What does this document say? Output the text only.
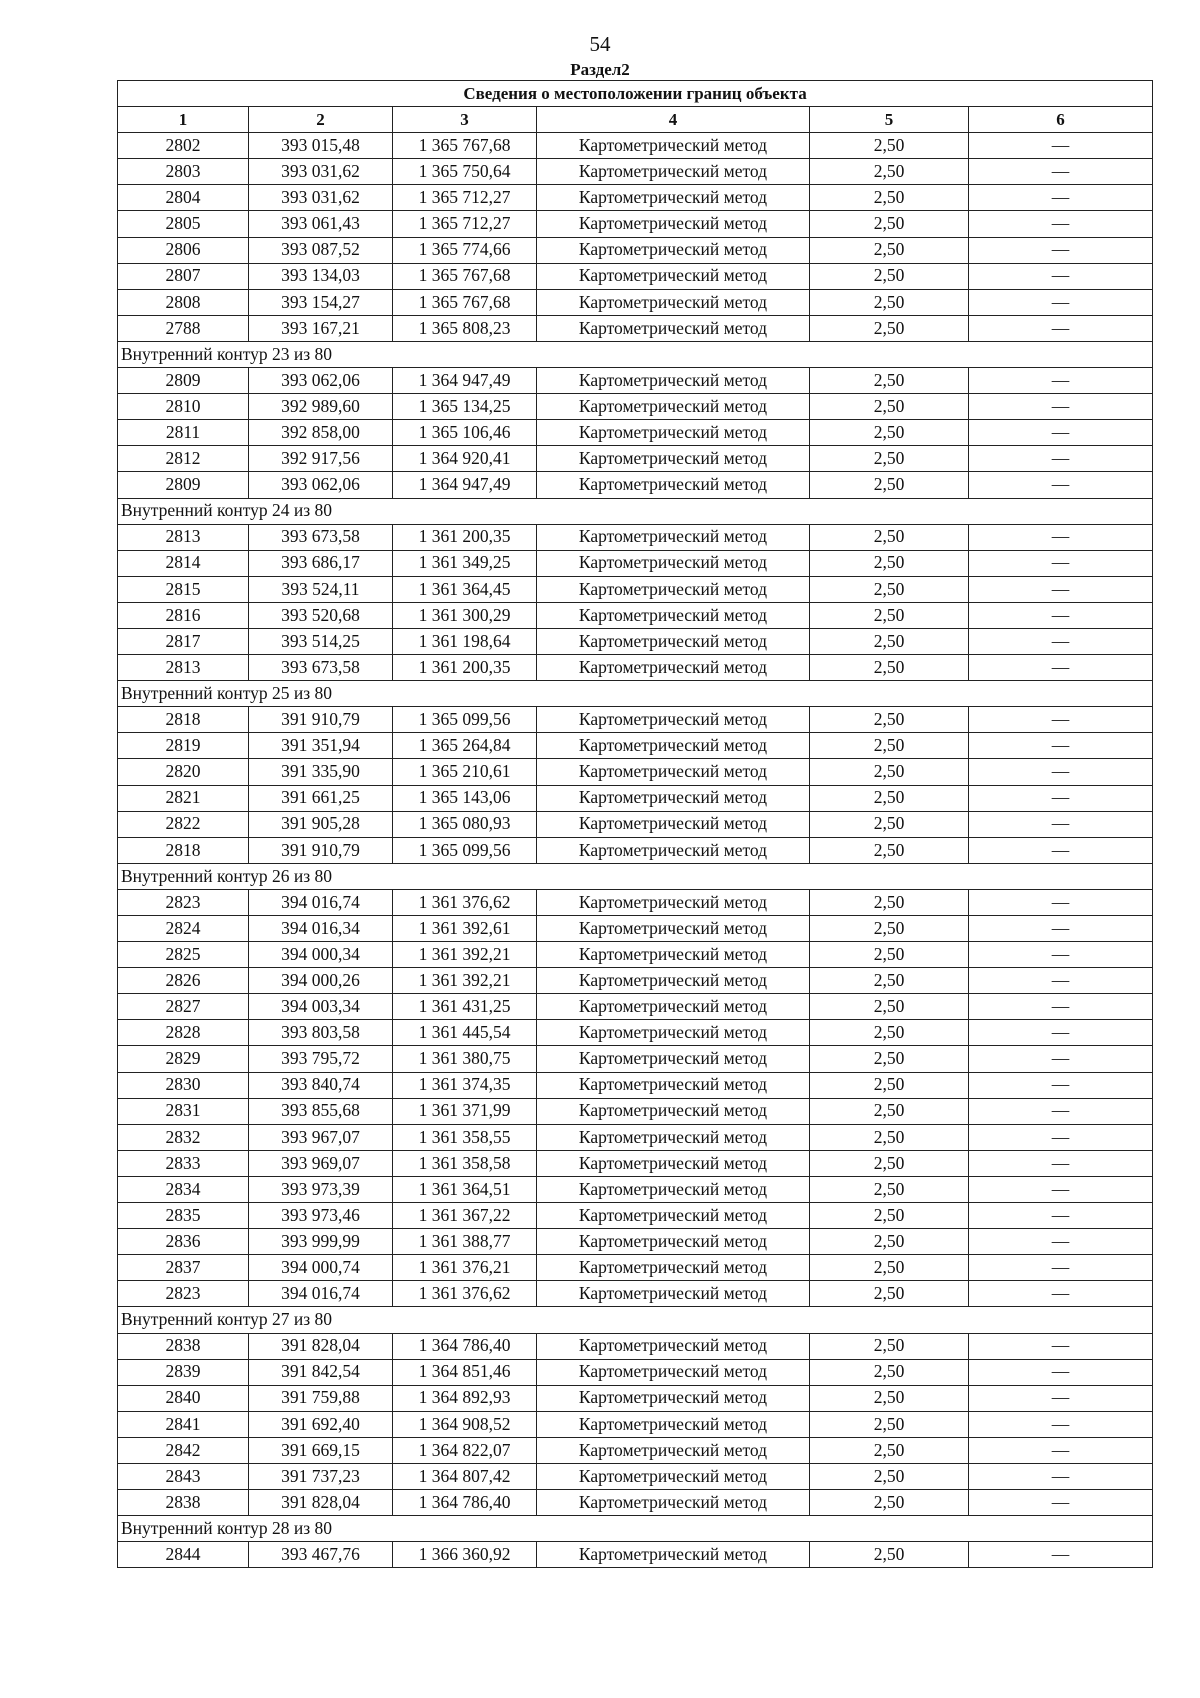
54
Раздел2
Сведения о местоположении границ объекта					
1	2	3	4	5	6
2802	393 015,48	1 365 767,68	Картометрический метод	2,50	—
2803	393 031,62	1 365 750,64	Картометрический метод	2,50	—
2804	393 031,62	1 365 712,27	Картометрический метод	2,50	—
2805	393 061,43	1 365 712,27	Картометрический метод	2,50	—
2806	393 087,52	1 365 774,66	Картометрический метод	2,50	—
2807	393 134,03	1 365 767,68	Картометрический метод	2,50	—
2808	393 154,27	1 365 767,68	Картометрический метод	2,50	—
2788	393 167,21	1 365 808,23	Картометрический метод	2,50	—
Внутренний контур 23 из 80					
2809	393 062,06	1 364 947,49	Картометрический метод	2,50	—
2810	392 989,60	1 365 134,25	Картометрический метод	2,50	—
2811	392 858,00	1 365 106,46	Картометрический метод	2,50	—
2812	392 917,56	1 364 920,41	Картометрический метод	2,50	—
2809	393 062,06	1 364 947,49	Картометрический метод	2,50	—
Внутренний контур 24 из 80					
2813	393 673,58	1 361 200,35	Картометрический метод	2,50	—
2814	393 686,17	1 361 349,25	Картометрический метод	2,50	—
2815	393 524,11	1 361 364,45	Картометрический метод	2,50	—
2816	393 520,68	1 361 300,29	Картометрический метод	2,50	—
2817	393 514,25	1 361 198,64	Картометрический метод	2,50	—
2813	393 673,58	1 361 200,35	Картометрический метод	2,50	—
Внутренний контур 25 из 80					
2818	391 910,79	1 365 099,56	Картометрический метод	2,50	—
2819	391 351,94	1 365 264,84	Картометрический метод	2,50	—
2820	391 335,90	1 365 210,61	Картометрический метод	2,50	—
2821	391 661,25	1 365 143,06	Картометрический метод	2,50	—
2822	391 905,28	1 365 080,93	Картометрический метод	2,50	—
2818	391 910,79	1 365 099,56	Картометрический метод	2,50	—
Внутренний контур 26 из 80					
2823	394 016,74	1 361 376,62	Картометрический метод	2,50	—
2824	394 016,34	1 361 392,61	Картометрический метод	2,50	—
2825	394 000,34	1 361 392,21	Картометрический метод	2,50	—
2826	394 000,26	1 361 392,21	Картометрический метод	2,50	—
2827	394 003,34	1 361 431,25	Картометрический метод	2,50	—
2828	393 803,58	1 361 445,54	Картометрический метод	2,50	—
2829	393 795,72	1 361 380,75	Картометрический метод	2,50	—
2830	393 840,74	1 361 374,35	Картометрический метод	2,50	—
2831	393 855,68	1 361 371,99	Картометрический метод	2,50	—
2832	393 967,07	1 361 358,55	Картометрический метод	2,50	—
2833	393 969,07	1 361 358,58	Картометрический метод	2,50	—
2834	393 973,39	1 361 364,51	Картометрический метод	2,50	—
2835	393 973,46	1 361 367,22	Картометрический метод	2,50	—
2836	393 999,99	1 361 388,77	Картометрический метод	2,50	—
2837	394 000,74	1 361 376,21	Картометрический метод	2,50	—
2823	394 016,74	1 361 376,62	Картометрический метод	2,50	—
Внутренний контур 27 из 80					
2838	391 828,04	1 364 786,40	Картометрический метод	2,50	—
2839	391 842,54	1 364 851,46	Картометрический метод	2,50	—
2840	391 759,88	1 364 892,93	Картометрический метод	2,50	—
2841	391 692,40	1 364 908,52	Картометрический метод	2,50	—
2842	391 669,15	1 364 822,07	Картометрический метод	2,50	—
2843	391 737,23	1 364 807,42	Картометрический метод	2,50	—
2838	391 828,04	1 364 786,40	Картометрический метод	2,50	—
Внутренний контур 28 из 80					
2844	393 467,76	1 366 360,92	Картометрический метод	2,50	—
